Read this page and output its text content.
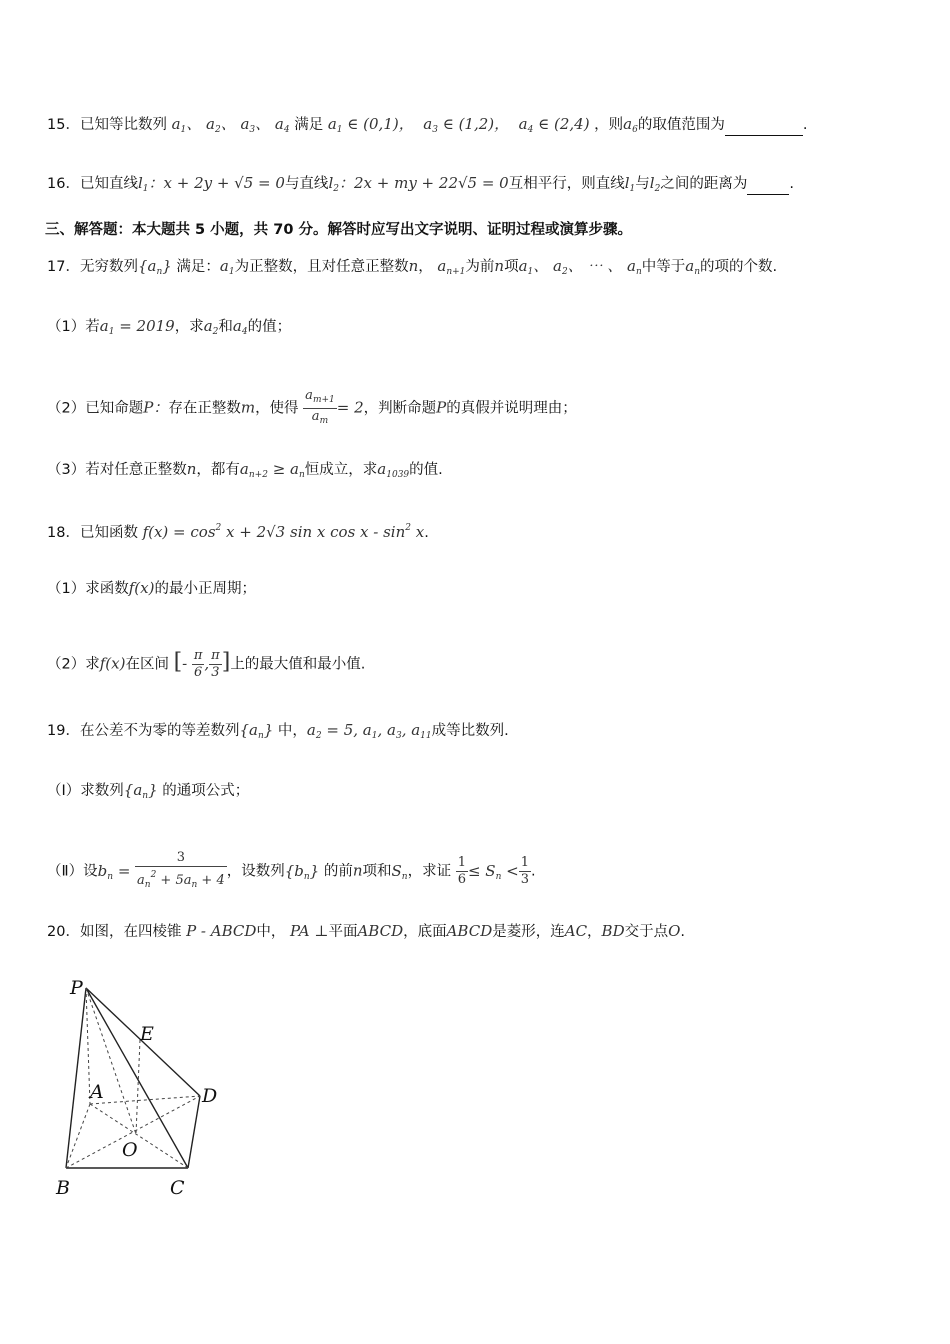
15．已知等比数列 $a_1$、 $a_2$、 $a_3$、 $a_4$ 满足 $a_1$ ∈ (0,1)，  $a_3$ ∈ (1,2)，  $a_4$ ∈ (2,4) ，则$a_6$的取值范围为	.
16．已知直线$l_1$：x + 2y + √5 = 0与直线$l_2$：2x + my + 22√5 = 0互相平行，则直线$l_1$与$l_2$之间的距离为	.
三、解答题：本大题共 5 小题，共 70 分。解答时应写出文字说明、证明过程或演算步骤。
17．无穷数列$\{a_n\}$ 满足：$a_1$为正整数，且对任意正整数n， $a_{n+1}$为前n项$a_1$、 $a_2$、 ⋯ 、 $a_n$中等于$a_n$的项的个数.
（1）若$a_1 = 2019$，求$a_2$和$a_4$的值；
（2）已知命题P：存在正整数m，使得 $\frac{a_{m+1}}{a_m} = 2$，判断命题P的真假并说明理由；
（3）若对任意正整数n，都有$a_{n+2} \ge a_n$恒成立，求$a_{1039}$的值.
18．已知函数 $f(x) = \cos^2 x + 2√3$ sin x cos x - $\sin^2 x$.
（1）求函数f(x)的最小正周期；
（2）求f(x)在区间 [- $\frac{\pi}{6}$ , $\frac{\pi}{3}$ ]上的最大值和最小值.
19．在公差不为零的等差数列$\{a_n\}$ 中，$a_2 = 5$, $a_1$, $a_3$, $a_{11}$成等比数列.
（Ⅰ）求数列$\{a_n\}$ 的通项公式；
（Ⅱ）设$b_n = \frac{3}{a_n^2 + 5a_n + 4}$ ，设数列$\{b_n\}$ 的前n项和$S_n$，求证 $\frac{1}{6} \le S_n < \frac{1}{3}$ .
20．如图，在四棱锥 P - ABCD中， PA ⊥平面ABCD，底面ABCD是菱形，连AC，BD交于点O.
P
E
A	D
O
B	C
